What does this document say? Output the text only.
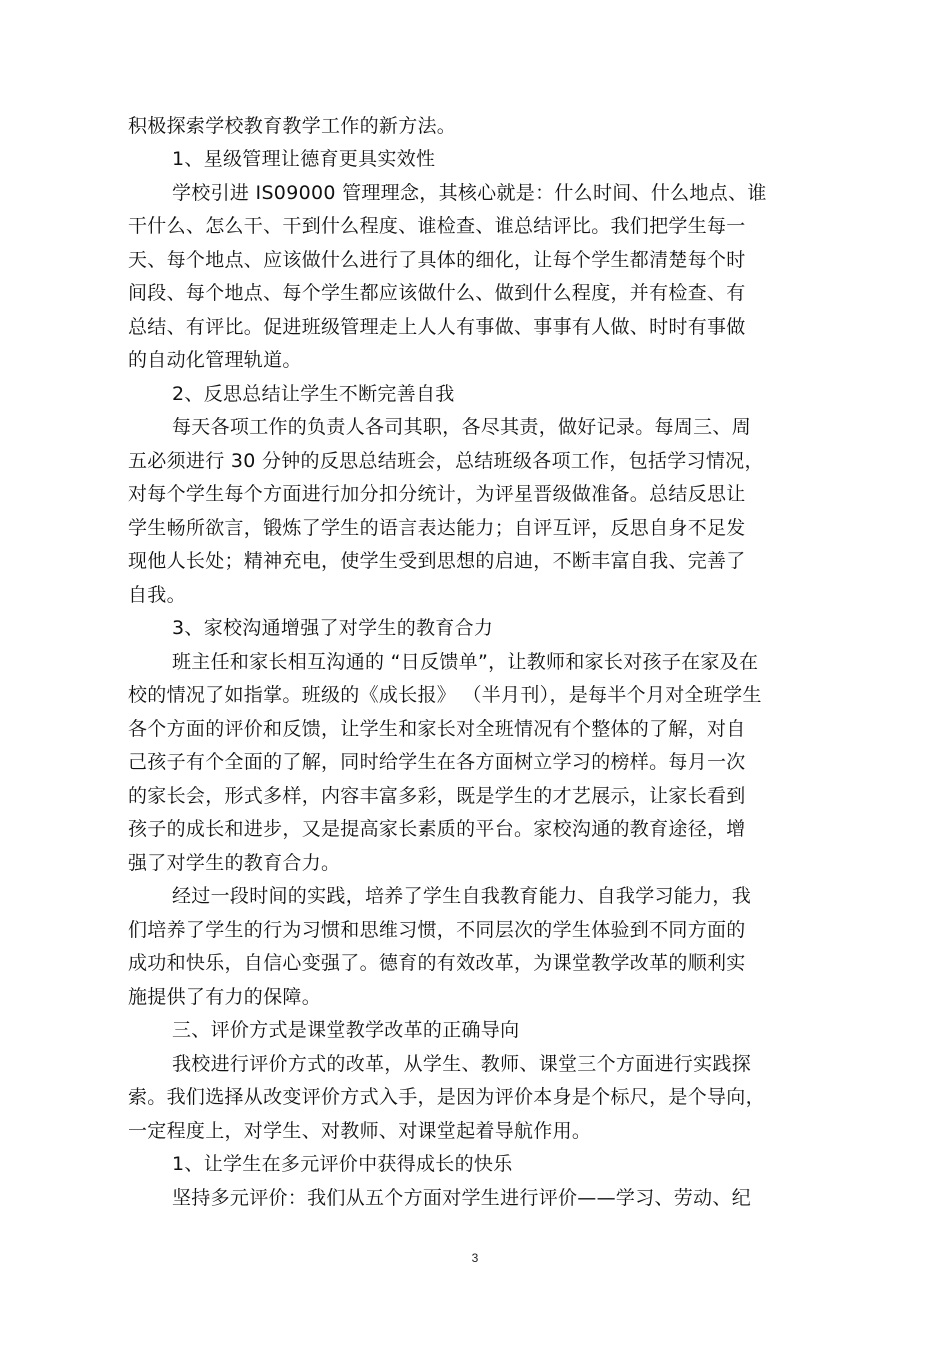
积极探索学校教育教学工作的新方法。
1、星级管理让德育更具实效性
学校引进 IS09000 管理理念，其核心就是：什么时间、什么地点、谁
干什么、怎么干、干到什么程度、谁检查、谁总结评比。我们把学生每一
天、每个地点、应该做什么进行了具体的细化，让每个学生都清楚每个时
间段、每个地点、每个学生都应该做什么、做到什么程度，并有检查、有
总结、有评比。促进班级管理走上人人有事做、事事有人做、时时有事做
的自动化管理轨道。
2、反思总结让学生不断完善自我
每天各项工作的负责人各司其职，各尽其责，做好记录。每周三、周
五必须进行 30 分钟的反思总结班会，总结班级各项工作，包括学习情况，
对每个学生每个方面进行加分扣分统计，为评星晋级做准备。总结反思让
学生畅所欲言，锻炼了学生的语言表达能力；自评互评，反思自身不足发
现他人长处；精神充电，使学生受到思想的启迪，不断丰富自我、完善了
自我。
3、家校沟通增强了对学生的教育合力
班主任和家长相互沟通的 “日反馈单”，让教师和家长对孩子在家及在
校的情况了如指掌。班级的《成长报》 （半月刊），是每半个月对全班学生
各个方面的评价和反馈，让学生和家长对全班情况有个整体的了解，对自
己孩子有个全面的了解，同时给学生在各方面树立学习的榜样。每月一次
的家长会，形式多样，内容丰富多彩，既是学生的才艺展示，让家长看到
孩子的成长和进步，又是提高家长素质的平台。家校沟通的教育途径，增
强了对学生的教育合力。
经过一段时间的实践，培养了学生自我教育能力、自我学习能力，我
们培养了学生的行为习惯和思维习惯，不同层次的学生体验到不同方面的
成功和快乐，自信心变强了。德育的有效改革，为课堂教学改革的顺利实
施提供了有力的保障。
三、评价方式是课堂教学改革的正确导向
我校进行评价方式的改革，从学生、教师、课堂三个方面进行实践探
索。我们选择从改变评价方式入手，是因为评价本身是个标尺，是个导向，
一定程度上，对学生、对教师、对课堂起着导航作用。
1、让学生在多元评价中获得成长的快乐
坚持多元评价：我们从五个方面对学生进行评价——学习、劳动、纪
3
